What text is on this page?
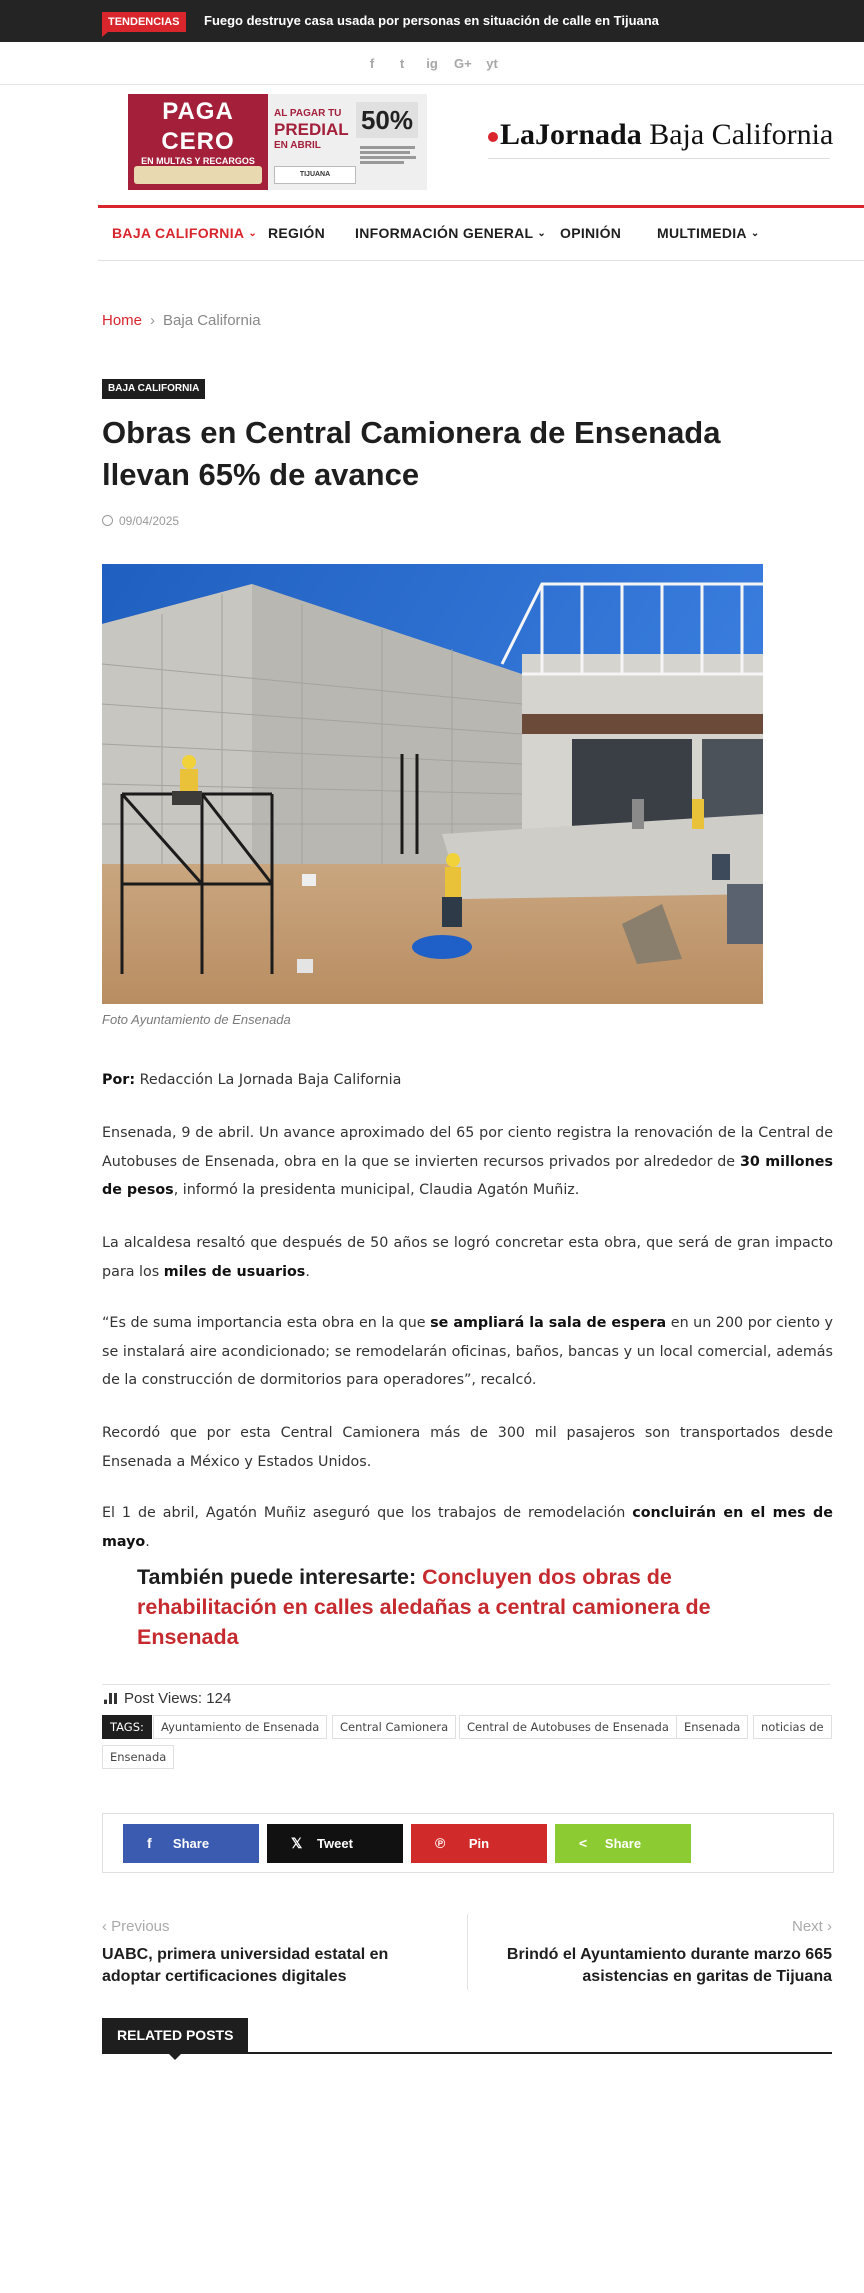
TENDENCIAS	Fuego destruye casa usada por personas en situación de calle en Tijuana
f	t	ig G+ yt
PAGA
CERO
EN MULTAS Y RECARGOS
AL PAGAR TU
PREDIAL
EN ABRIL
50%
TIJUANA
LaJornada Baja California
BAJA CALIFORNIA ⌄ REGIÓN INFORMACIÓN GENERAL ⌄ OPINIÓN	MULTIMEDIA ⌄
Home › Baja California
BAJA CALIFORNIA
Obras en Central Camionera de Ensenada llevan 65% de avance
09/04/2025
Foto Ayuntamiento de Ensenada

Por: Redacción La Jornada Baja California

Ensenada, 9 de abril. Un avance aproximado del 65 por ciento registra la renovación de la Central de Autobuses de Ensenada, obra en la que se invierten recursos privados por alrededor de 30 millones de pesos, informó la presidenta municipal, Claudia Agatón Muñiz.

La alcaldesa resaltó que después de 50 años se logró concretar esta obra, que será de gran impacto para los miles de usuarios.

“Es de suma importancia esta obra en la que se ampliará la sala de espera en un 200 por ciento y se instalará aire acondicionado; se remodelarán oficinas, baños, bancas y un local comercial, además de la construcción de dormitorios para operadores”, recalcó.

Recordó que por esta Central Camionera más de 300 mil pasajeros son transportados desde Ensenada a México y Estados Unidos.

El 1 de abril, Agatón Muñiz aseguró que los trabajos de remodelación concluirán en el mes de mayo.

También puede interesarte: Concluyen dos obras de rehabilitación en calles aledañas a central camionera de Ensenada

Post Views: 124
TAGS:	Ayuntamiento de Ensenada	Central Camionera	Central de Autobuses de Ensenada	Ensenada	noticias de
Ensenada
f Share	𝕏 Tweet	℗ Pin	< Share
‹ Previous
UABC, primera universidad estatal en adoptar certificaciones digitales
Next ›
Brindó el Ayuntamiento durante marzo 665 asistencias en garitas de Tijuana
RELATED POSTS
